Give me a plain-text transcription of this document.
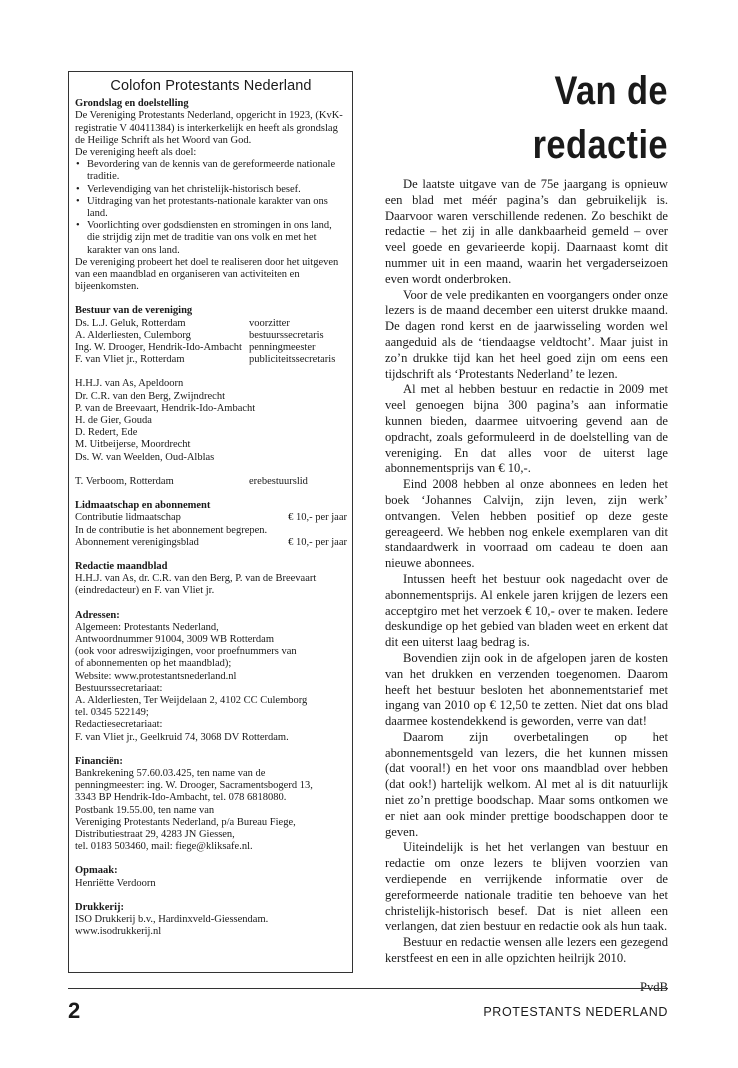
Colofon Protestants Nederland
Grondslag en doelstelling

De Vereniging Protestants Nederland, opgericht in 1923, (KvK-registratie V 40411384) is interkerkelijk en heeft als grondslag de Heilige Schrift als het Woord van God.

De vereniging heeft als doel:

• Bevordering van de kennis van de gereformeerde nationale traditie.
• Verlevendiging van het christelijk-historisch besef.
• Uitdraging van het protestants-nationale karakter van ons land.
• Voorlichting over godsdiensten en stromingen in ons land, die strijdig zijn met de traditie van ons volk en met het karakter van ons land.

De vereniging probeert het doel te realiseren door het uitgeven van een maandblad en organiseren van activiteiten en bijeenkomsten.

Bestuur van de vereniging
Ds. L.J. Geluk, Rotterdam	voorzitter
A. Alderliesten, Culemborg	bestuurssecretaris
Ing. W. Drooger, Hendrik-Ido-Ambacht penningmeester
F. van Vliet jr., Rotterdam	publiciteitssecretaris
H.H.J. van As, Apeldoorn
Dr. C.R. van den Berg, Zwijndrecht
P. van de Breevaart, Hendrik-Ido-Ambacht
H. de Gier, Gouda
D. Redert, Ede
M. Uitbeijerse, Moordrecht
Ds. W. van Weelden, Oud-Alblas
T. Verboom, Rotterdam	erebestuurslid
Lidmaatschap en abonnement
Contributie lidmaatschap	€ 10,- per jaar
In de contributie is het abonnement begrepen.
Abonnement verenigingsblad	€ 10,- per jaar
Redactie maandblad

H.H.J. van As, dr. C.R. van den Berg, P. van de Breevaart (eindredacteur) en F. van Vliet jr.

Adressen:
Algemeen: Protestants Nederland,
Antwoordnummer 91004, 3009 WB Rotterdam
(ook voor adreswijzigingen, voor proefnummers van
of abonnementen op het maandblad);
Website: www.protestantsnederland.nl
Bestuurssecretariaat:
A. Alderliesten, Ter Weijdelaan 2, 4102 CC Culemborg
tel. 0345 522149;
Redactiesecretariaat:
F. van Vliet jr., Geelkruid 74, 3068 DV Rotterdam.
Financiën:
Bankrekening 57.60.03.425, ten name van de
penningmeester: ing. W. Drooger, Sacramentsbogerd 13,
3343 BP Hendrik-Ido-Ambacht, tel. 078 6818080.
Postbank 19.55.00, ten name van
Vereniging Protestants Nederland, p/a Bureau Fiege,
Distributiestraat 29, 4283 JN Giessen,
tel. 0183 503460, mail: fiege@kliksafe.nl.
Opmaak:
Henriëtte Verdoorn
Drukkerij:
ISO Drukkerij b.v., Hardinxveld-Giessendam.
www.isodrukkerij.nl
Van de redactie

De laatste uitgave van de 75e jaargang is opnieuw een blad met méér pagina’s dan gebruikelijk is. Daarvoor waren verschillende redenen. Zo beschikt de redactie – het zij in alle dankbaarheid gemeld – over veel goede en gevarieerde kopij. Daarnaast komt dit nummer uit in een maand, waarin het vergaderseizoen even wordt onderbroken.

Voor de vele predikanten en voorgangers onder onze lezers is de maand december een uiterst drukke maand. De dagen rond kerst en de jaarwisseling worden wel aangeduid als de ‘tiendaagse veldtocht’. Maar juist in zo’n drukke tijd kan het heel goed zijn om eens een tijdschrift als ‘Protestants Nederland’ te lezen.

Al met al hebben bestuur en redactie in 2009 met veel genoegen bijna 300 pagina’s aan informatie kunnen bieden, daarmee uitvoering gevend aan de opdracht, zoals geformuleerd in de doelstelling van de vereniging. En dat alles voor de uiterst lage abonnementsprijs van € 10,-.

Eind 2008 hebben al onze abonnees en leden het boek ‘Johannes Calvijn, zijn leven, zijn werk’ ontvangen. Velen hebben positief op deze geste gereageerd. We hebben nog enkele exemplaren van dit standaardwerk in voorraad om cadeau te doen aan nieuwe abonnees.

Intussen heeft het bestuur ook nagedacht over de abonnementsprijs. Al enkele jaren krijgen de lezers een acceptgiro met het verzoek € 10,- over te maken. Iedere deskundige op het gebied van bladen weet en erkent dat dit een uiterst laag bedrag is.

Bovendien zijn ook in de afgelopen jaren de kosten van het drukken en verzenden toegenomen. Daarom heeft het bestuur besloten het abonnementstarief met ingang van 2010 op € 12,50 te zetten. Niet dat ons blad daarmee kostendekkend is geworden, verre van dat!

Daarom zijn overbetalingen op het abonnementsgeld van lezers, die het kunnen missen (dat vooral!) en het voor ons maandblad over hebben (dat ook!) hartelijk welkom. Al met al is dit natuurlijk niet zo’n prettige boodschap. Maar soms ontkomen we er niet aan ook minder prettige boodschappen door te geven.

Uiteindelijk is het het verlangen van bestuur en redactie om onze lezers te blijven voorzien van verdiepende en verrijkende informatie over de gereformeerde nationale traditie ten behoeve van het christelijk-historisch besef. Dat is niet alleen een verlangen, dat zien bestuur en redactie ook als hun taak.

Bestuur en redactie wensen alle lezers een gezegend kerstfeest en een in alle opzichten heilrijk 2010.

PvdB
2	PROTESTANTS NEDERLAND
